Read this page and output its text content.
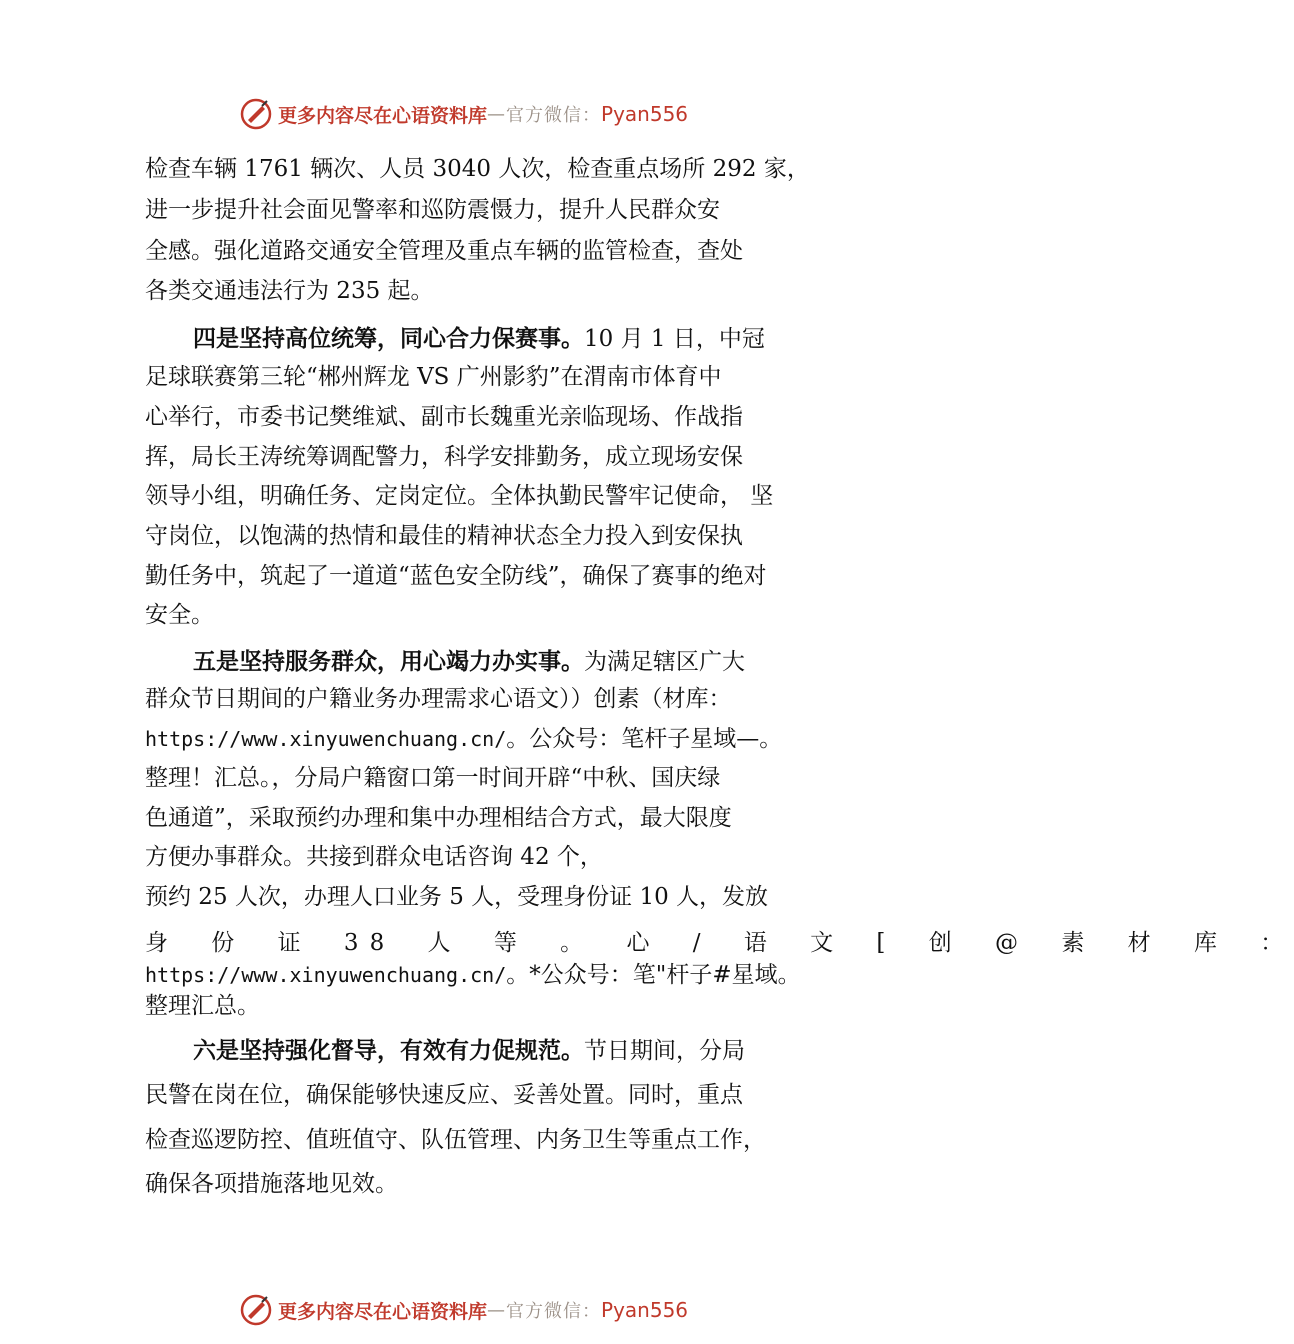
更多内容尽在心语资料库 — 官方微信： Pyan556
检查车辆 1761 辆次、人员 3040 人次，检查重点场所 292 家，
进一步提升社会面见警率和巡防震慑力，提升人民群众安
全感。强化道路交通安全管理及重点车辆的监管检查，查处
各类交通违法行为 235 起。
四是坚持高位统筹，同心合力保赛事。10 月 1 日，中冠
足球联赛第三轮“郴州辉龙 VS 广州影豹”在渭南市体育中
心举行，市委书记樊维斌、副市长魏重光亲临现场、作战指
挥，局长王涛统筹调配警力，科学安排勤务，成立现场安保
领导小组，明确任务、定岗定位。全体执勤民警牢记使命， 坚
守岗位，以饱满的热情和最佳的精神状态全力投入到安保执
勤任务中，筑起了一道道“蓝色安全防线”，确保了赛事的绝对
安全。
五是坚持服务群众，用心竭力办实事。为满足辖区广大
群众节日期间的户籍业务办理需求心语文））创素（材库：
https://www.xinyuwenchuang.cn/。公众号：笔杆子星域—。
整理！汇总。，分局户籍窗口第一时间开辟“中秋、国庆绿
色通道”，采取预约办理和集中办理相结合方式，最大限度
方便办事群众。共接到群众电话咨询 42 个，
预约 25 人次，办理人口业务 5 人，受理身份证 10 人，发放
身 份 证 38 人 等 。 心 / 语 文 [ 创 @ 素 材 库 ：
https://www.xinyuwenchuang.cn/。*公众号：笔"杆子#星域。
整理汇总。
六是坚持强化督导，有效有力促规范。节日期间，分局
民警在岗在位，确保能够快速反应、妥善处置。同时，重点
检查巡逻防控、值班值守、队伍管理、内务卫生等重点工作，
确保各项措施落地见效。
更多内容尽在心语资料库 — 官方微信： Pyan556
